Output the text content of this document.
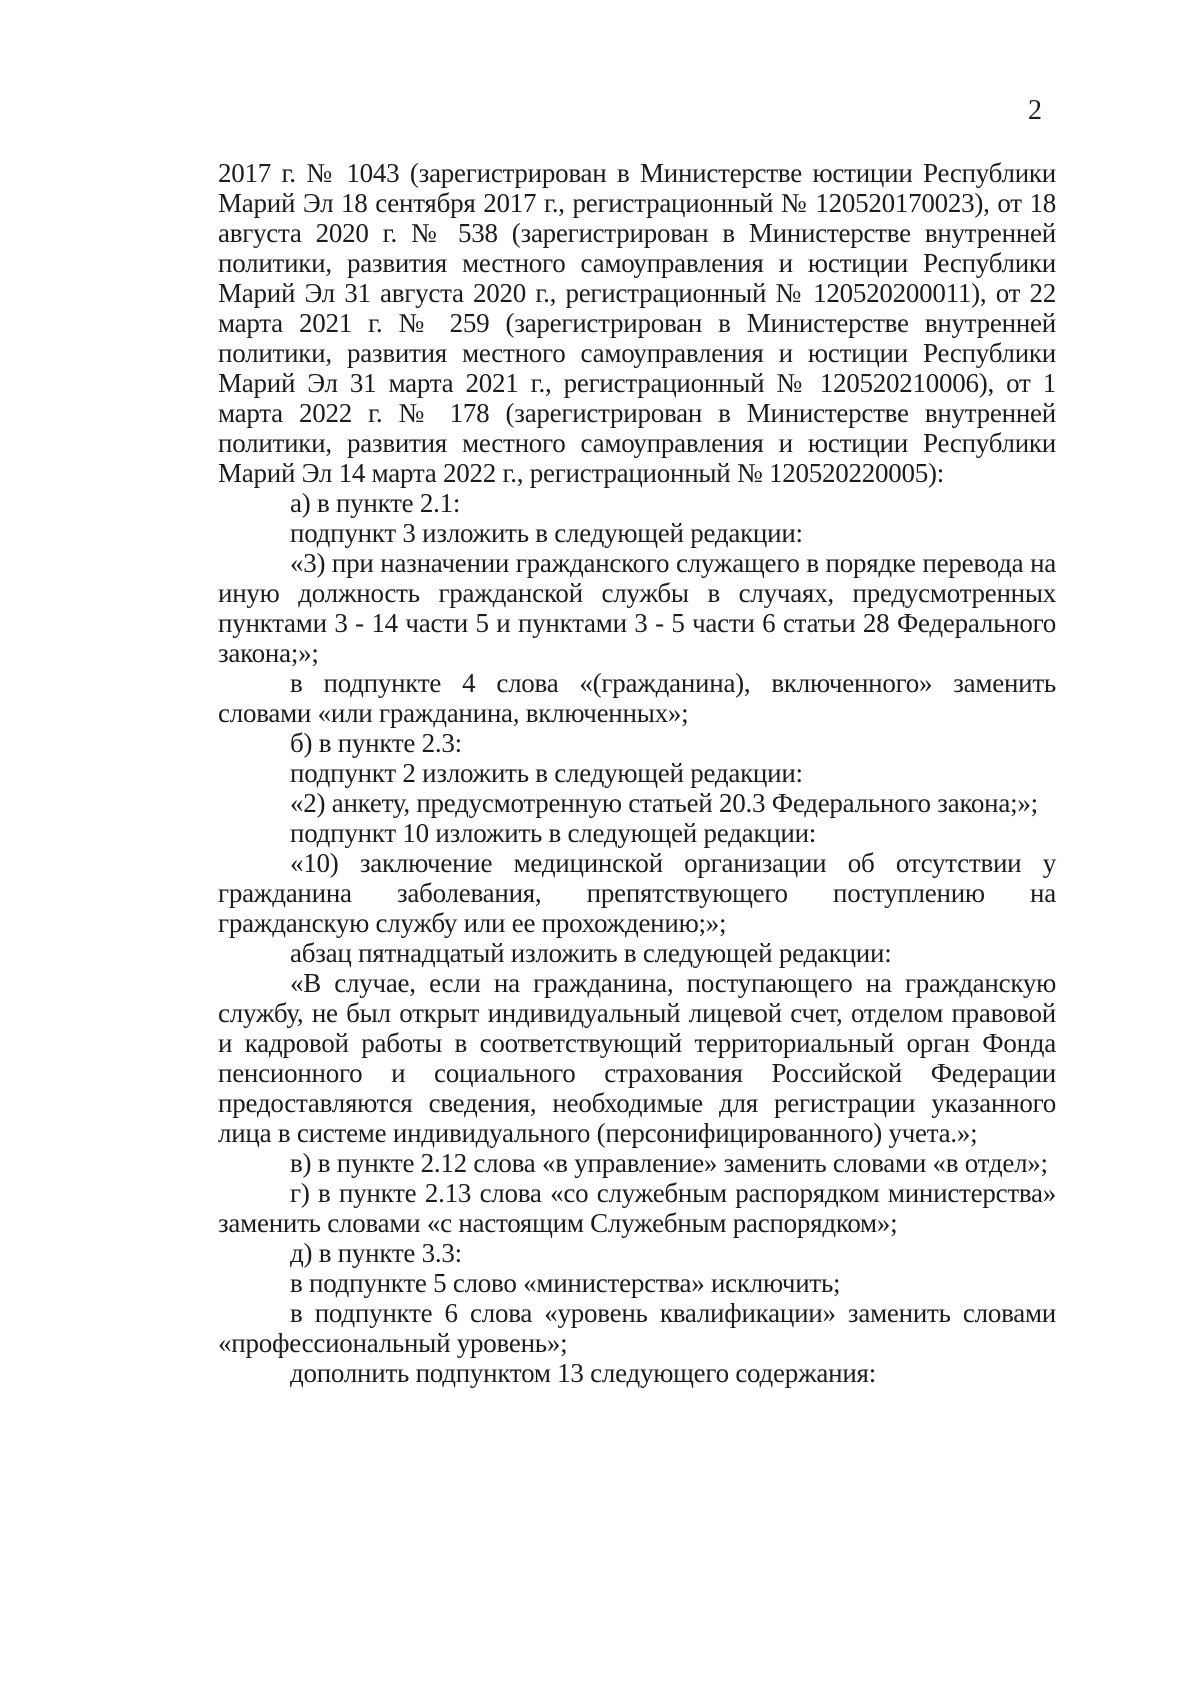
2

2017 г. № 1043 (зарегистрирован в Министерстве юстиции Республики Марий Эл 18 сентября 2017 г., регистрационный № 120520170023), от 18 августа 2020 г. № 538 (зарегистрирован в Министерстве внутренней политики, развития местного самоуправления и юстиции Республики Марий Эл 31 августа 2020 г., регистрационный № 120520200011), от 22 марта 2021 г. № 259 (зарегистрирован в Министерстве внутренней политики, развития местного самоуправления и юстиции Республики Марий Эл 31 марта 2021 г., регистрационный № 120520210006), от 1 марта 2022 г. № 178 (зарегистрирован в Министерстве внутренней политики, развития местного самоуправления и юстиции Республики Марий Эл 14 марта 2022 г., регистрационный № 120520220005):

а) в пункте 2.1:

подпункт 3 изложить в следующей редакции:

«3) при назначении гражданского служащего в порядке перевода на иную должность гражданской службы в случаях, предусмотренных пунктами 3 - 14 части 5 и пунктами 3 - 5 части 6 статьи 28 Федерального закона;»;

в подпункте 4 слова «(гражданина), включенного» заменить словами «или гражданина, включенных»;

б) в пункте 2.3:

подпункт 2 изложить в следующей редакции:

«2) анкету, предусмотренную статьей 20.3 Федерального закона;»;

подпункт 10 изложить в следующей редакции:

«10) заключение медицинской организации об отсутствии у гражданина заболевания, препятствующего поступлению на гражданскую службу или ее прохождению;»;

абзац пятнадцатый изложить в следующей редакции:

«В случае, если на гражданина, поступающего на гражданскую службу, не был открыт индивидуальный лицевой счет, отделом правовой и кадровой работы в соответствующий территориальный орган Фонда пенсионного и социального страхования Российской Федерации предоставляются сведения, необходимые для регистрации указанного лица в системе индивидуального (персонифицированного) учета.»;

в) в пункте 2.12 слова «в управление» заменить словами «в отдел»;

г) в пункте 2.13 слова «со служебным распорядком министерства» заменить словами «с настоящим Служебным распорядком»;

д) в пункте 3.3:

в подпункте 5 слово «министерства» исключить;

в подпункте 6 слова «уровень квалификации» заменить словами «профессиональный уровень»;

дополнить подпунктом 13 следующего содержания:
